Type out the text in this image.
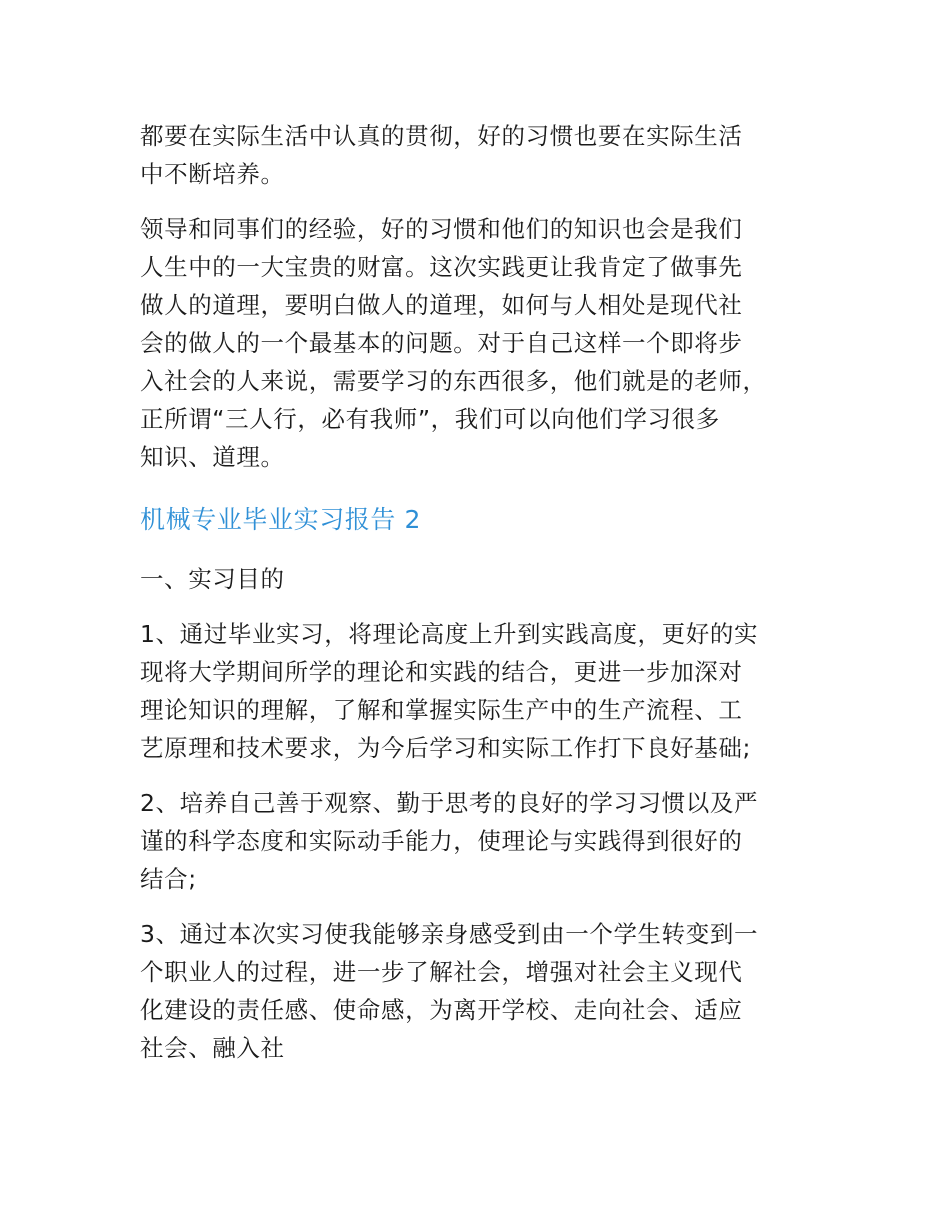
都要在实际生活中认真的贯彻，好的习惯也要在实际生活
中不断培养。
领导和同事们的经验，好的习惯和他们的知识也会是我们
人生中的一大宝贵的财富。这次实践更让我肯定了做事先
做人的道理，要明白做人的道理，如何与人相处是现代社
会的做人的一个最基本的问题。对于自己这样一个即将步
入社会的人来说，需要学习的东西很多，他们就是的老师，
正所谓“三人行，必有我师”，我们可以向他们学习很多
知识、道理。
机械专业毕业实习报告 2
一、实习目的
1、通过毕业实习，将理论高度上升到实践高度，更好的实
现将大学期间所学的理论和实践的结合，更进一步加深对
理论知识的理解，了解和掌握实际生产中的生产流程、工
艺原理和技术要求，为今后学习和实际工作打下良好基础;
2、培养自己善于观察、勤于思考的良好的学习习惯以及严
谨的科学态度和实际动手能力，使理论与实践得到很好的
结合;
3、通过本次实习使我能够亲身感受到由一个学生转变到一
个职业人的过程，进一步了解社会，增强对社会主义现代
化建设的责任感、使命感，为离开学校、走向社会、适应
社会、融入社
